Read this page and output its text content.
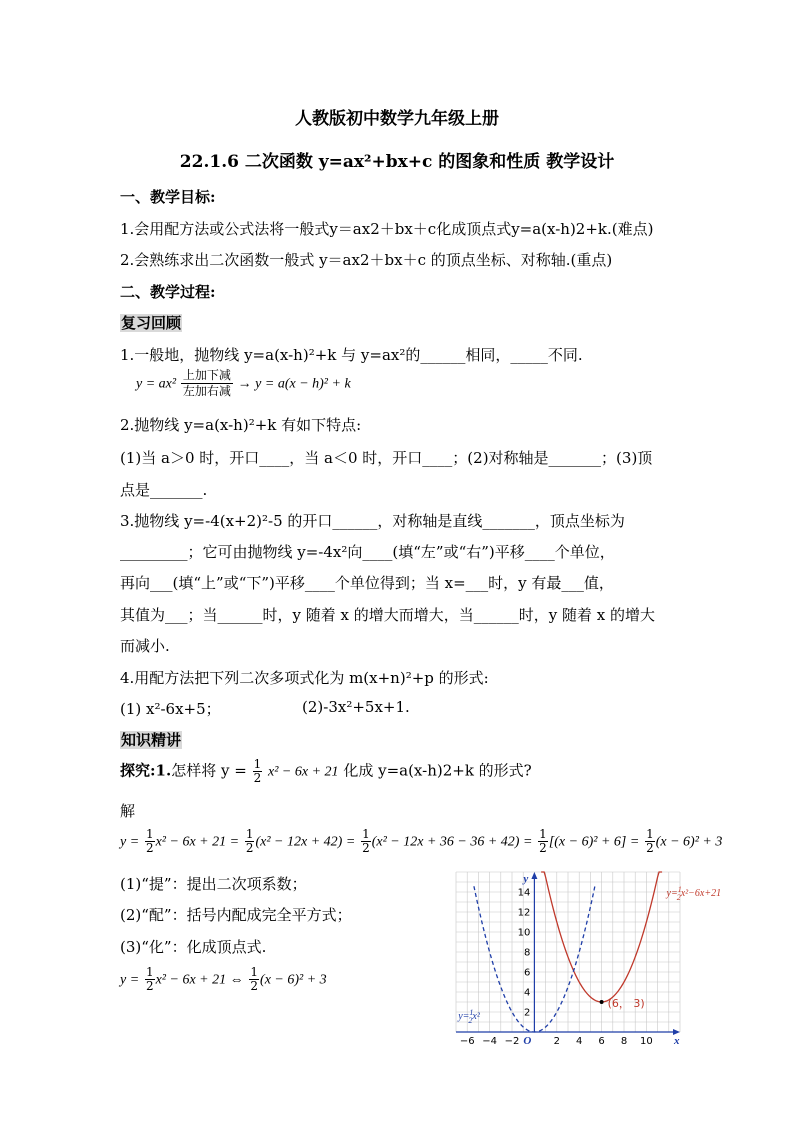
人教版初中数学九年级上册
22.1.6 二次函数 y=ax²+bx+c 的图象和性质 教学设计
一、教学目标:
1.会用配方法或公式法将一般式y＝ax2＋bx＋c化成顶点式y=a(x-h)2+k.(难点)
2.会熟练求出二次函数一般式 y＝ax2＋bx＋c 的顶点坐标、对称轴.(重点)
二、教学过程:
复习回顾
1.一般地，抛物线 y=a(x-h)²+k 与 y=ax²的______相同，_____不同.
y = ax²
上加下减
左加右减 → y = a(x − h)² + k
2.抛物线 y=a(x-h)²+k 有如下特点:
(1)当 a＞0 时，开口____，当 a＜0 时，开口____；(2)对称轴是_______；(3)顶
点是_______.
3.抛物线 y=-4(x+2)²-5 的开口______，对称轴是直线_______，顶点坐标为
_________；它可由抛物线 y=-4x²向____(填“左”或“右”)平移____个单位，
再向___(填“上”或“下”)平移____个单位得到；当 x=___时，y 有最___值，
其值为___；当______时，y 随着 x 的增大而增大，当______时，y 随着 x 的增大
而减小.
4.用配方法把下列二次多项式化为 m(x+n)²+p 的形式:
(1) x²-6x+5；	(2)-3x²+5x+1.
知识精讲
探究:1.怎样将 $y = \frac{1}{2} x^2 - 6x + 21$ 化成 y=a(x-h)2+k 的形式?
解
$y = \frac{1}{2} x^2 - 6x + 21 = \frac{1}{2} (x^2 - 12x + 42) = \frac{1}{2} (x^2 - 12x + 36 - 36 + 42) = \frac{1}{2} [(x - 6)^2 + 6] = \frac{1}{2} (x - 6)^2 + 3$
(1)“提”：提出二次项系数；
(2)“配”：括号内配成完全平方式；
(3)“化”：化成顶点式.
$y = \frac{1}{2} x^2 - 6x + 21$ ⇔ $\frac{1}{2} (x - 6)^2 + 3$
x
y
O
−6 −4 −2	2 4 6 8 10
2
4
6
8
10
12
14	y=$^1$ 2x²−6x+21
y=$^1$ 2x²
(6， 3)
